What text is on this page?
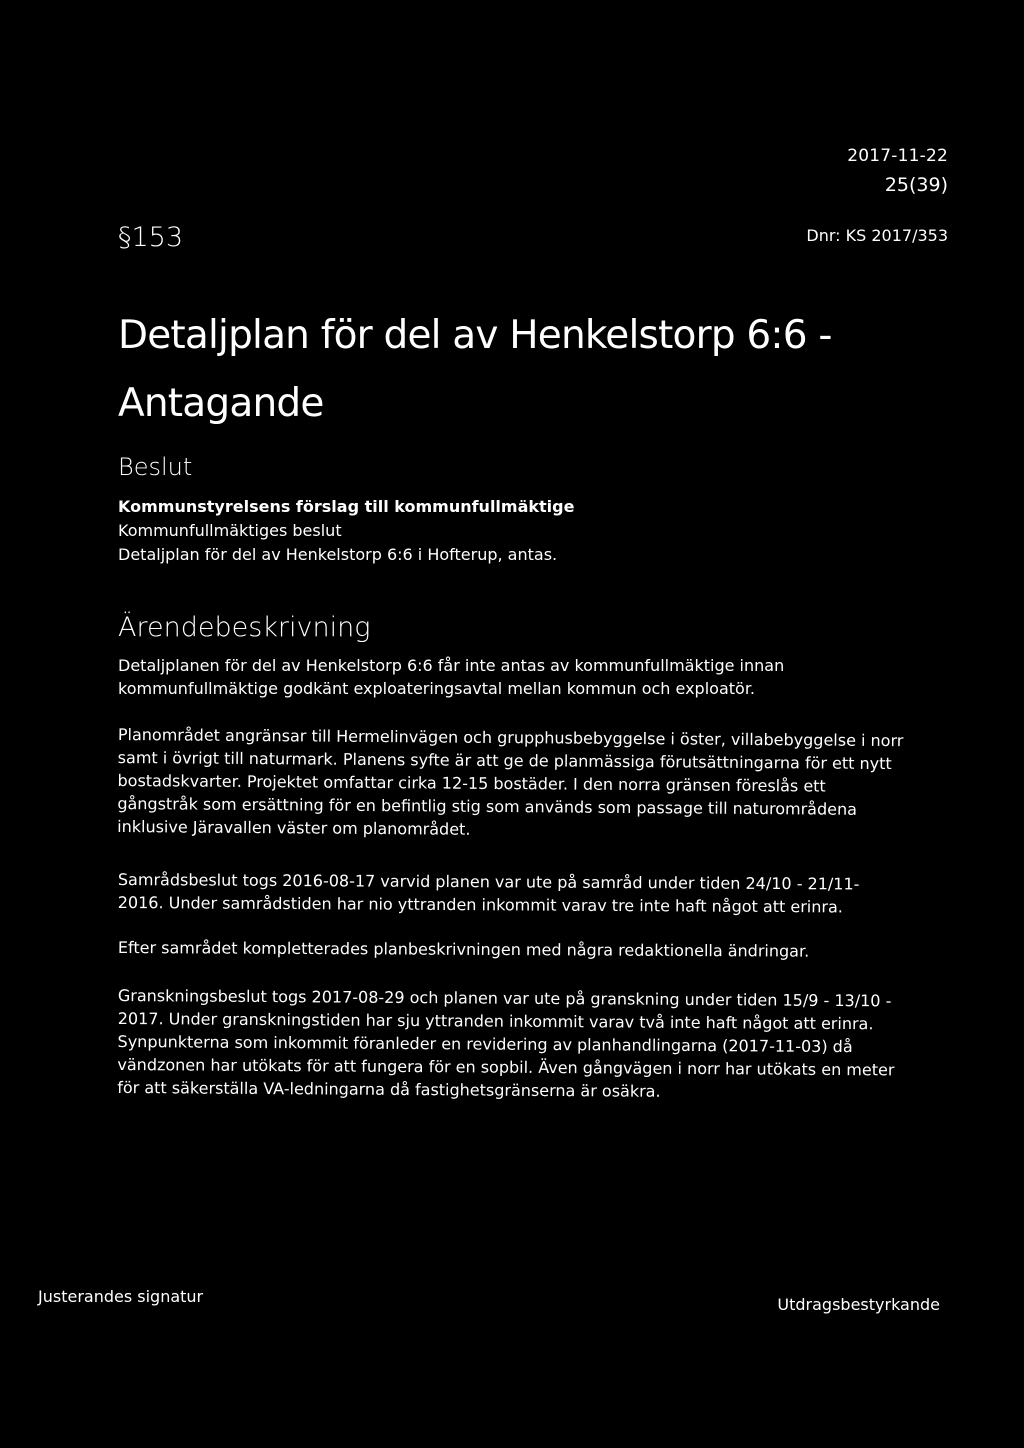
2017-11-22
25(39)
§153	Dnr: KS 2017/353
Detaljplan för del av Henkelstorp 6:6 -
Antagande
Beslut
Kommunstyrelsens förslag till kommunfullmäktige
Kommunfullmäktiges beslut
Detaljplan för del av Henkelstorp 6:6 i Hofterup, antas.
Ärendebeskrivning
Detaljplanen för del av Henkelstorp 6:6 får inte antas av kommunfullmäktige innan
kommunfullmäktige godkänt exploateringsavtal mellan kommun och exploatör.
Planområdet angränsar till Hermelinvägen och grupphusbebyggelse i öster, villabebyggelse i norr
samt i övrigt till naturmark. Planens syfte är att ge de planmässiga förutsättningarna för ett nytt
bostadskvarter. Projektet omfattar cirka 12-15 bostäder. I den norra gränsen föreslås ett
gångstråk som ersättning för en befintlig stig som används som passage till naturområdena
inklusive Järavallen väster om planområdet.
Samrådsbeslut togs 2016-08-17 varvid planen var ute på samråd under tiden 24/10 - 21/11-
2016. Under samrådstiden har nio yttranden inkommit varav tre inte haft något att erinra.
Efter samrådet kompletterades planbeskrivningen med några redaktionella ändringar.
Granskningsbeslut togs 2017-08-29 och planen var ute på granskning under tiden 15/9 - 13/10 -
2017. Under granskningstiden har sju yttranden inkommit varav två inte haft något att erinra.
Synpunkterna som inkommit föranleder en revidering av planhandlingarna (2017-11-03) då
vändzonen har utökats för att fungera för en sopbil. Även gångvägen i norr har utökats en meter
för att säkerställa VA-ledningarna då fastighetsgränserna är osäkra.
Justerandes signatur	Utdragsbestyrkande
